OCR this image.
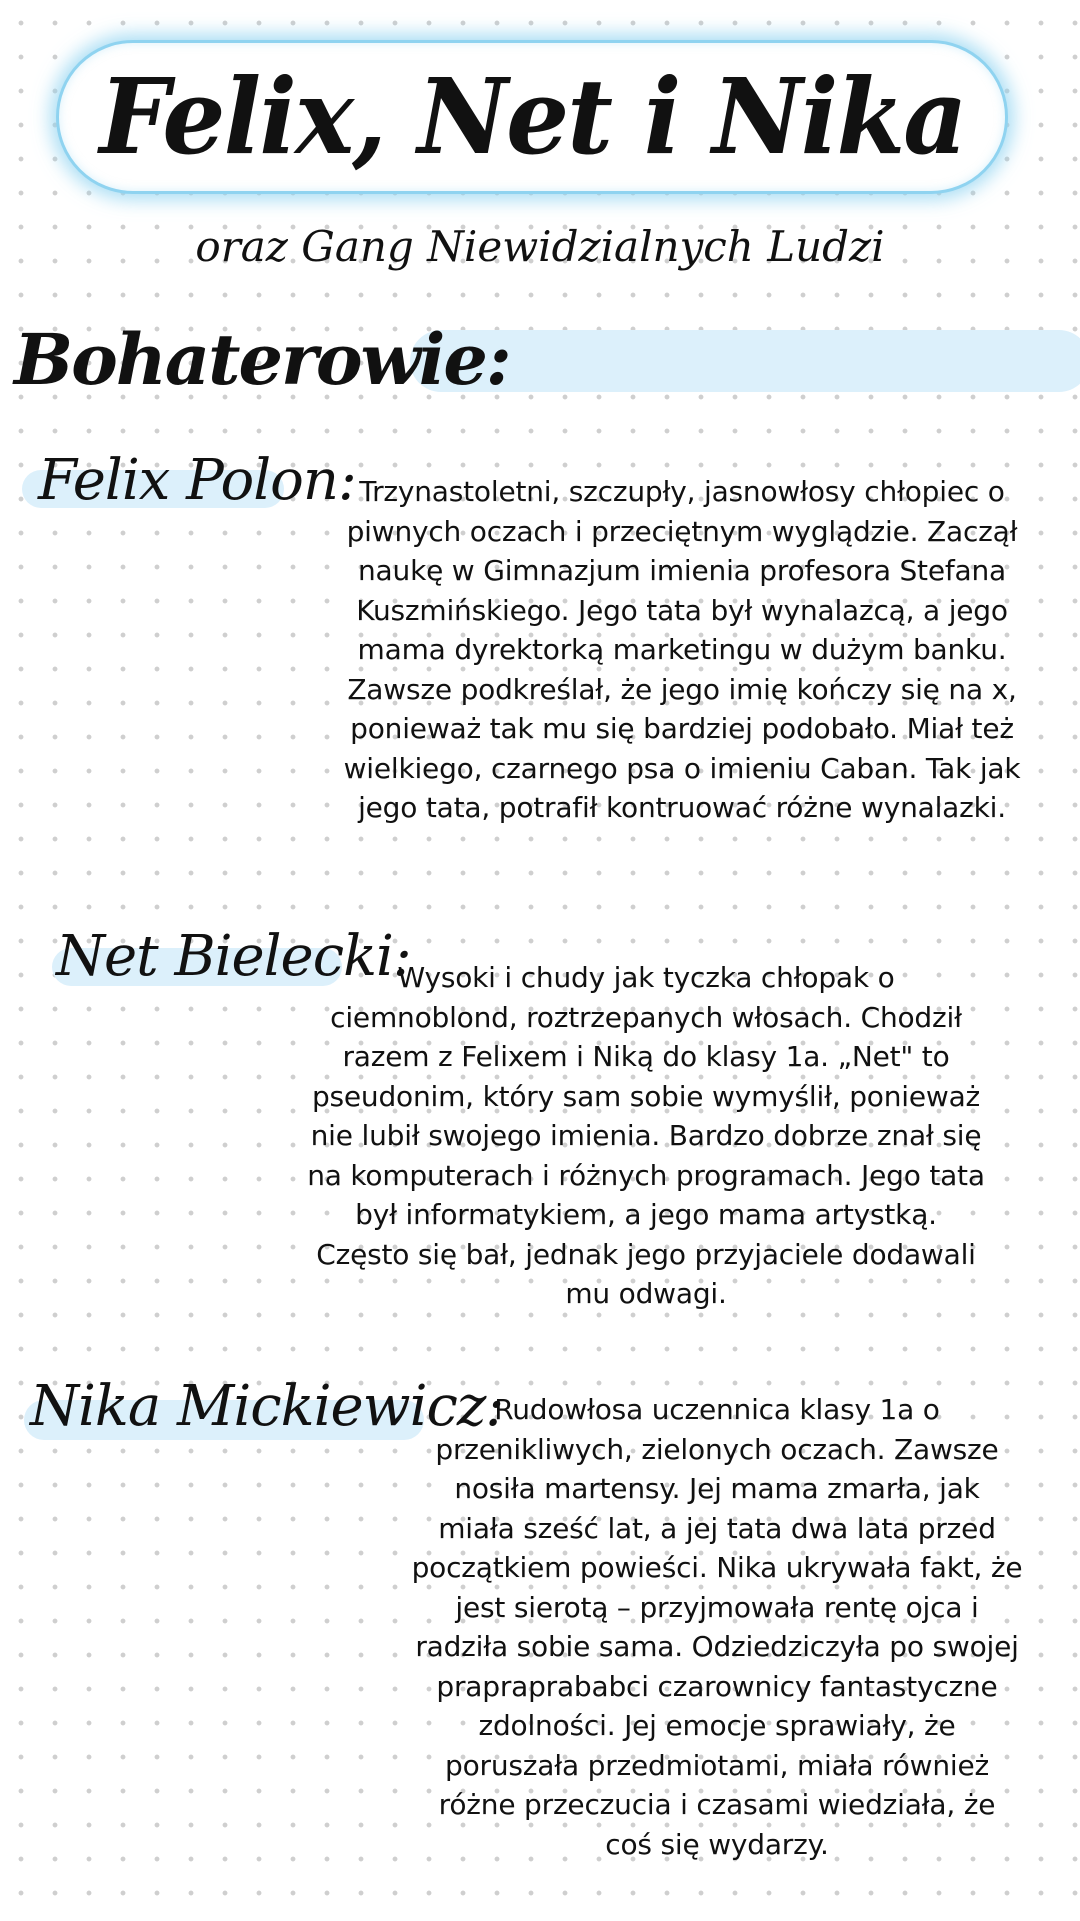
Felix, Net i Nika
oraz Gang Niewidzialnych Ludzi
Bohaterowie:
Felix Polon: Trzynastoletni, szczupły, jasnowłosy chłopiec o
piwnych oczach i przeciętnym wyglądzie. Zaczął
naukę w Gimnazjum imienia profesora Stefana
Kuszmińskiego. Jego tata był wynalazcą, a jego
mama dyrektorką marketingu w dużym banku.
Zawsze podkreślał, że jego imię kończy się na x,
ponieważ tak mu się bardziej podobało. Miał też
wielkiego, czarnego psa o imieniu Caban. Tak jak
jego tata, potrafił kontruować różne wynalazki.
Net Bielecki:
Wysoki i chudy jak tyczka chłopak o
ciemnoblond, roztrzepanych włosach. Chodził
razem z Felixem i Niką do klasy 1a. „Net" to
pseudonim, który sam sobie wymyślił, ponieważ
nie lubił swojego imienia. Bardzo dobrze znał się
na komputerach i różnych programach. Jego tata
był informatykiem, a jego mama artystką.
Często się bał, jednak jego przyjaciele dodawali
mu odwagi.
Nika Mickiewicz:
Rudowłosa uczennica klasy 1a o
przenikliwych, zielonych oczach. Zawsze
nosiła martensy. Jej mama zmarła, jak
miała sześć lat, a jej tata dwa lata przed
początkiem powieści. Nika ukrywała fakt, że
jest sierotą – przyjmowała rentę ojca i
radziła sobie sama. Odziedziczyła po swojej
prapraprababci czarownicy fantastyczne
zdolności. Jej emocje sprawiały, że
poruszała przedmiotami, miała również
różne przeczucia i czasami wiedziała, że
coś się wydarzy.
